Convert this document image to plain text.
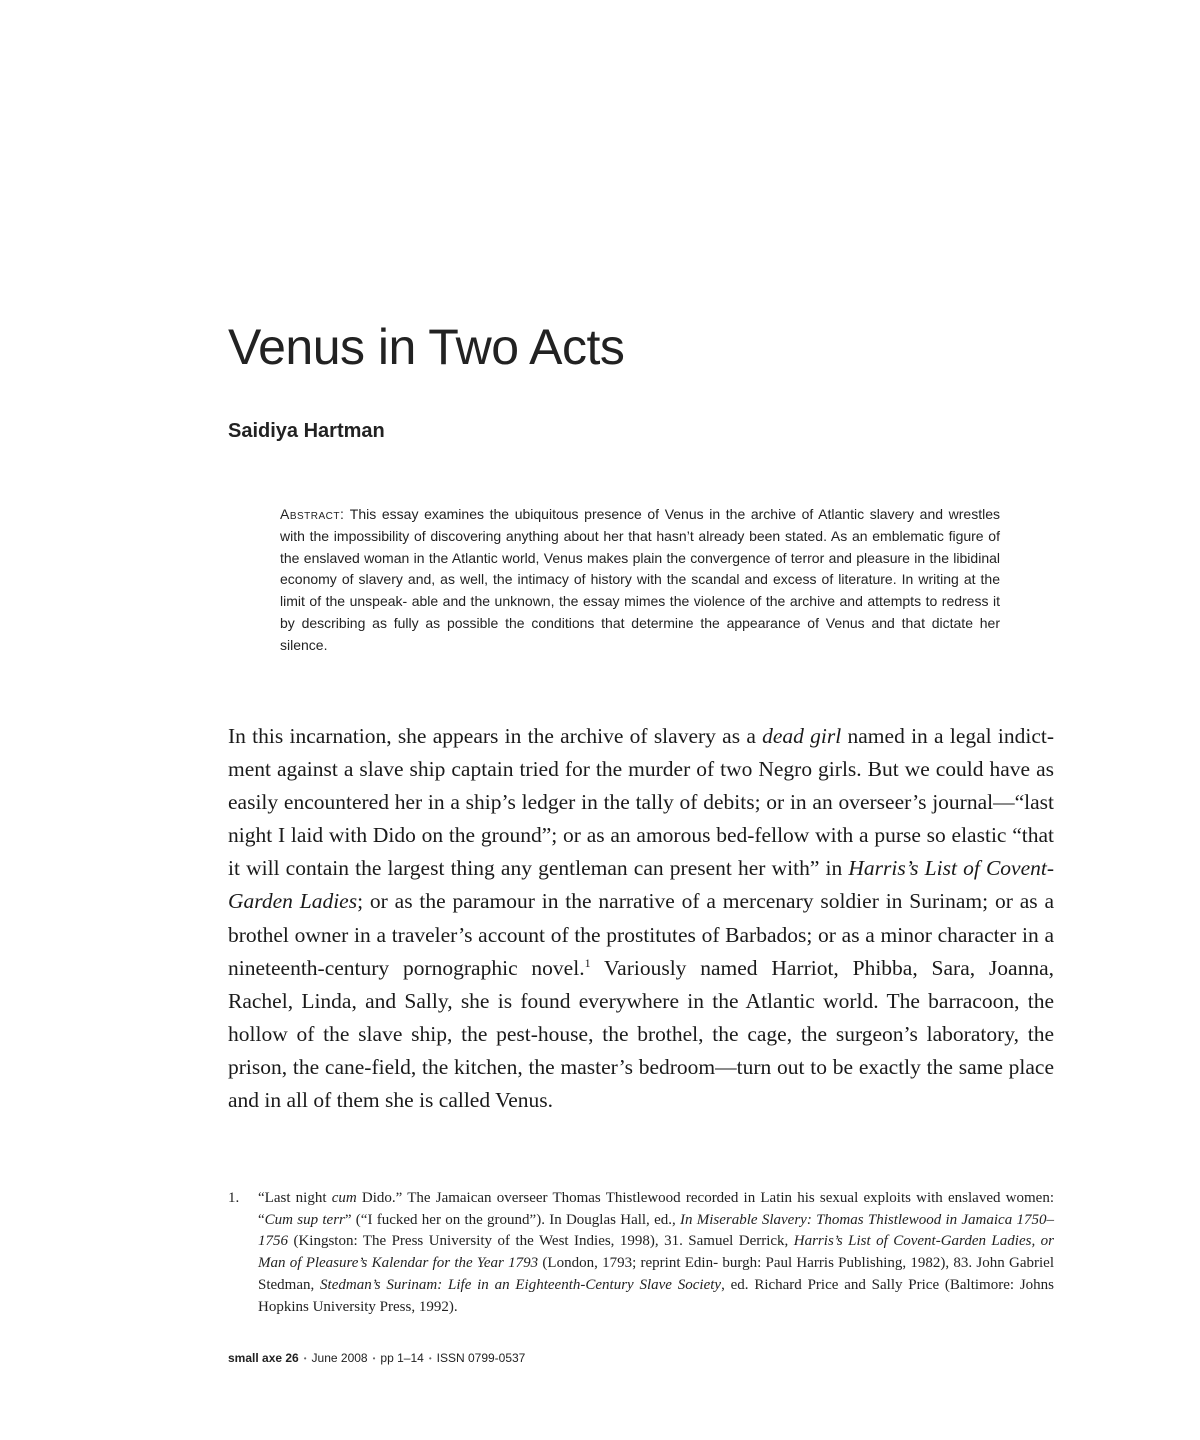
Venus in Two Acts
Saidiya Hartman
Abstract: This essay examines the ubiquitous presence of Venus in the archive of Atlantic slavery and wrestles with the impossibility of discovering anything about her that hasn’t already been stated. As an emblematic figure of the enslaved woman in the Atlantic world, Venus makes plain the convergence of terror and pleasure in the libidinal economy of slavery and, as well, the intimacy of history with the scandal and excess of literature. In writing at the limit of the unspeak- able and the unknown, the essay mimes the violence of the archive and attempts to redress it by describing as fully as possible the conditions that determine the appearance of Venus and that dictate her silence.
In this incarnation, she appears in the archive of slavery as a dead girl named in a legal indict- ment against a slave ship captain tried for the murder of two Negro girls. But we could have as easily encountered her in a ship’s ledger in the tally of debits; or in an overseer’s journal—“last night I laid with Dido on the ground”; or as an amorous bed-fellow with a purse so elastic “that it will contain the largest thing any gentleman can present her with” in Harris’s List of Covent- Garden Ladies; or as the paramour in the narrative of a mercenary soldier in Surinam; or as a brothel owner in a traveler’s account of the prostitutes of Barbados; or as a minor character in a nineteenth-century pornographic novel.$^1$ Variously named Harriot, Phibba, Sara, Joanna, Rachel, Linda, and Sally, she is found everywhere in the Atlantic world. The barracoon, the hollow of the slave ship, the pest-house, the brothel, the cage, the surgeon’s laboratory, the prison, the cane-field, the kitchen, the master’s bedroom—turn out to be exactly the same place and in all of them she is called Venus.
1.	“Last night cum Dido.” The Jamaican overseer Thomas Thistlewood recorded in Latin his sexual exploits with enslaved women: “Cum sup terr” (“I fucked her on the ground”). In Douglas Hall, ed., In Miserable Slavery: Thomas Thistlewood in Jamaica 1750–1756 (Kingston: The Press University of the West Indies, 1998), 31. Samuel Derrick, Harris’s List of Covent-Garden Ladies, or Man of Pleasure’s Kalendar for the Year 1793 (London, 1793; reprint Edin- burgh: Paul Harris Publishing, 1982), 83. John Gabriel Stedman, Stedman’s Surinam: Life in an Eighteenth-Century Slave Society, ed. Richard Price and Sally Price (Baltimore: Johns Hopkins University Press, 1992).
small axe 26 • June 2008 • pp 1–14 • ISSN 0799-0537
